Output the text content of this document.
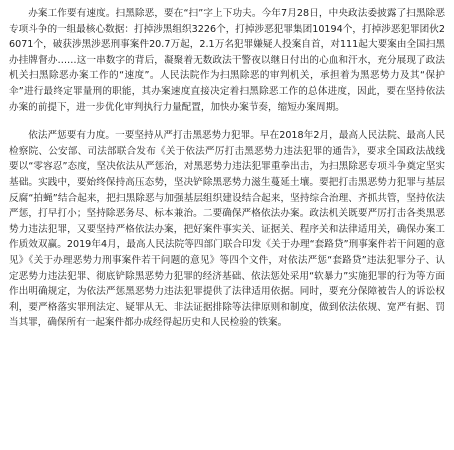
办案工作要有速度。扫黑除恶，要在“扫”字上下功夫。今年7月28日，中央政法委披露了扫黑除恶专项斗争的一组最核心数据：打掉涉黑组织3226个，打掉涉恶犯罪集团10194个，打掉涉恶犯罪团伙26071个，破获涉黑涉恶刑事案件20.7万起，2.1万名犯罪嫌疑人投案自首，对111起大要案由全国扫黑办挂牌督办……这一串数字的背后，凝聚着无数政法干警夜以继日付出的心血和汗水，充分展现了政法机关扫黑除恶办案工作的“速度”。人民法院作为扫黑除恶的审判机关，承担着为黑恶势力及其“保护伞”进行最终定罪量刑的职能，其办案速度直接决定着扫黑除恶工作的总体进度，因此，要在坚持依法办案的前提下，进一步优化审判执行力量配置，加快办案节奏，缩短办案周期。

依法严惩要有力度。一要坚持从严打击黑恶势力犯罪。早在2018年2月，最高人民法院、最高人民检察院、公安部、司法部联合发布《关于依法严厉打击黑恶势力违法犯罪的通告》，要求全国政法战线要以“零容忍”态度，坚决依法从严惩治，对黑恶势力违法犯罪重拳出击，为扫黑除恶专项斗争奠定坚实基础。实践中，要始终保持高压态势，坚决铲除黑恶势力滋生蔓延土壤。要把打击黑恶势力犯罪与基层反腐“拍蝇”结合起来，把扫黑除恶与加强基层组织建设结合起来，坚持综合治理、齐抓共管，坚持依法严惩，打早打小；坚持除恶务尽、标本兼治。二要确保严格依法办案。政法机关既要严厉打击各类黑恶势力违法犯罪，又要坚持严格依法办案，把好案件事实关、证据关、程序关和法律适用关，确保办案工作质效双赢。2019年4月，最高人民法院等四部门联合印发《关于办理“套路贷”刑事案件若干问题的意见》《关于办理恶势力刑事案件若干问题的意见》等四个文件，对依法严惩“套路贷”违法犯罪分子、认定恶势力违法犯罪、彻底铲除黑恶势力犯罪的经济基础、依法惩处采用“软暴力”实施犯罪的行为等方面作出明确规定，为依法严惩黑恶势力违法犯罪提供了法律适用依据。同时，要充分保障被告人的诉讼权利，要严格落实罪刑法定、疑罪从无、非法证据排除等法律原则和制度，做到依法依规、宽严有据、罚当其罪，确保所有一起案件都办成经得起历史和人民检验的铁案。
